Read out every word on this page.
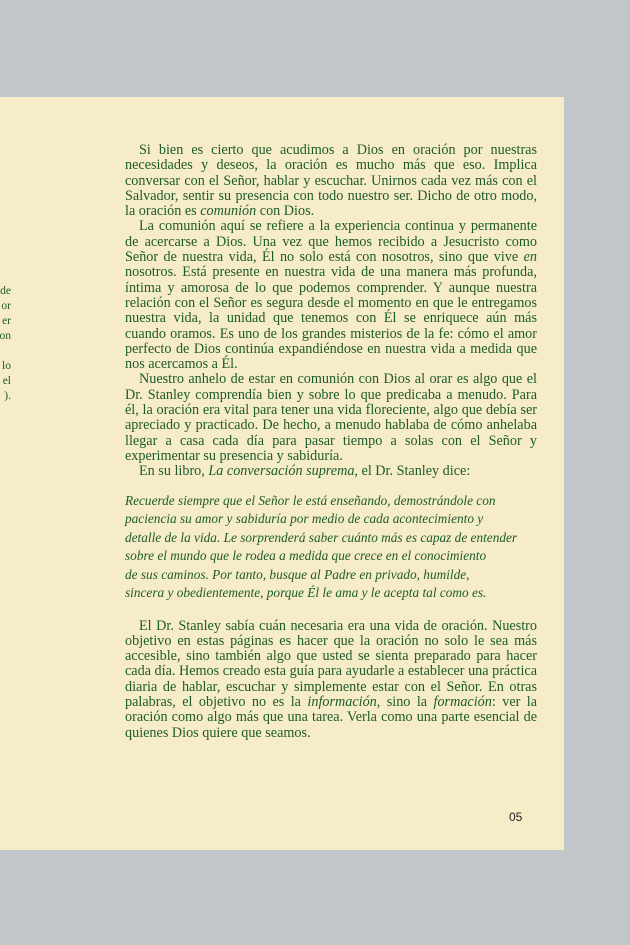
de
or
er
on
lo
el
).

Si bien es cierto que acudimos a Dios en oración por nuestras necesidades y deseos, la oración es mucho más que eso. Implica conversar con el Señor, hablar y escuchar. Unirnos cada vez más con el Salvador, sentir su presencia con todo nuestro ser. Dicho de otro modo, la oración es comunión con Dios.

La comunión aquí se refiere a la experiencia continua y permanente de acercarse a Dios. Una vez que hemos recibido a Jesucristo como Señor de nuestra vida, Él no solo está con nosotros, sino que vive en nosotros. Está presente en nuestra vida de una manera más profunda, íntima y amorosa de lo que podemos comprender. Y aunque nuestra relación con el Señor es segura desde el momento en que le entregamos nuestra vida, la unidad que tenemos con Él se enriquece aún más cuando oramos. Es uno de los grandes misterios de la fe: cómo el amor perfecto de Dios continúa expandiéndose en nuestra vida a medida que nos acercamos a Él.

Nuestro anhelo de estar en comunión con Dios al orar es algo que el Dr. Stanley comprendía bien y sobre lo que predicaba a menudo. Para él, la oración era vital para tener una vida floreciente, algo que debía ser apreciado y practicado. De hecho, a menudo hablaba de cómo anhelaba llegar a casa cada día para pasar tiempo a solas con el Señor y experimentar su presencia y sabiduría.

En su libro, La conversación suprema, el Dr. Stanley dice:

Recuerde siempre que el Señor le está enseñando, demostrándole con
paciencia su amor y sabiduría por medio de cada acontecimiento y
detalle de la vida. Le sorprenderá saber cuánto más es capaz de entender
sobre el mundo que le rodea a medida que crece en el conocimiento
de sus caminos. Por tanto, busque al Padre en privado, humilde,
sincera y obedientemente, porque Él le ama y le acepta tal como es.

El Dr. Stanley sabía cuán necesaria era una vida de oración. Nuestro objetivo en estas páginas es hacer que la oración no solo le sea más accesible, sino también algo que usted se sienta preparado para hacer cada día. Hemos creado esta guía para ayudarle a establecer una práctica diaria de hablar, escuchar y simplemente estar con el Señor. En otras palabras, el objetivo no es la información, sino la formación: ver la oración como algo más que una tarea. Verla como una parte esencial de quienes Dios quiere que seamos.

05
